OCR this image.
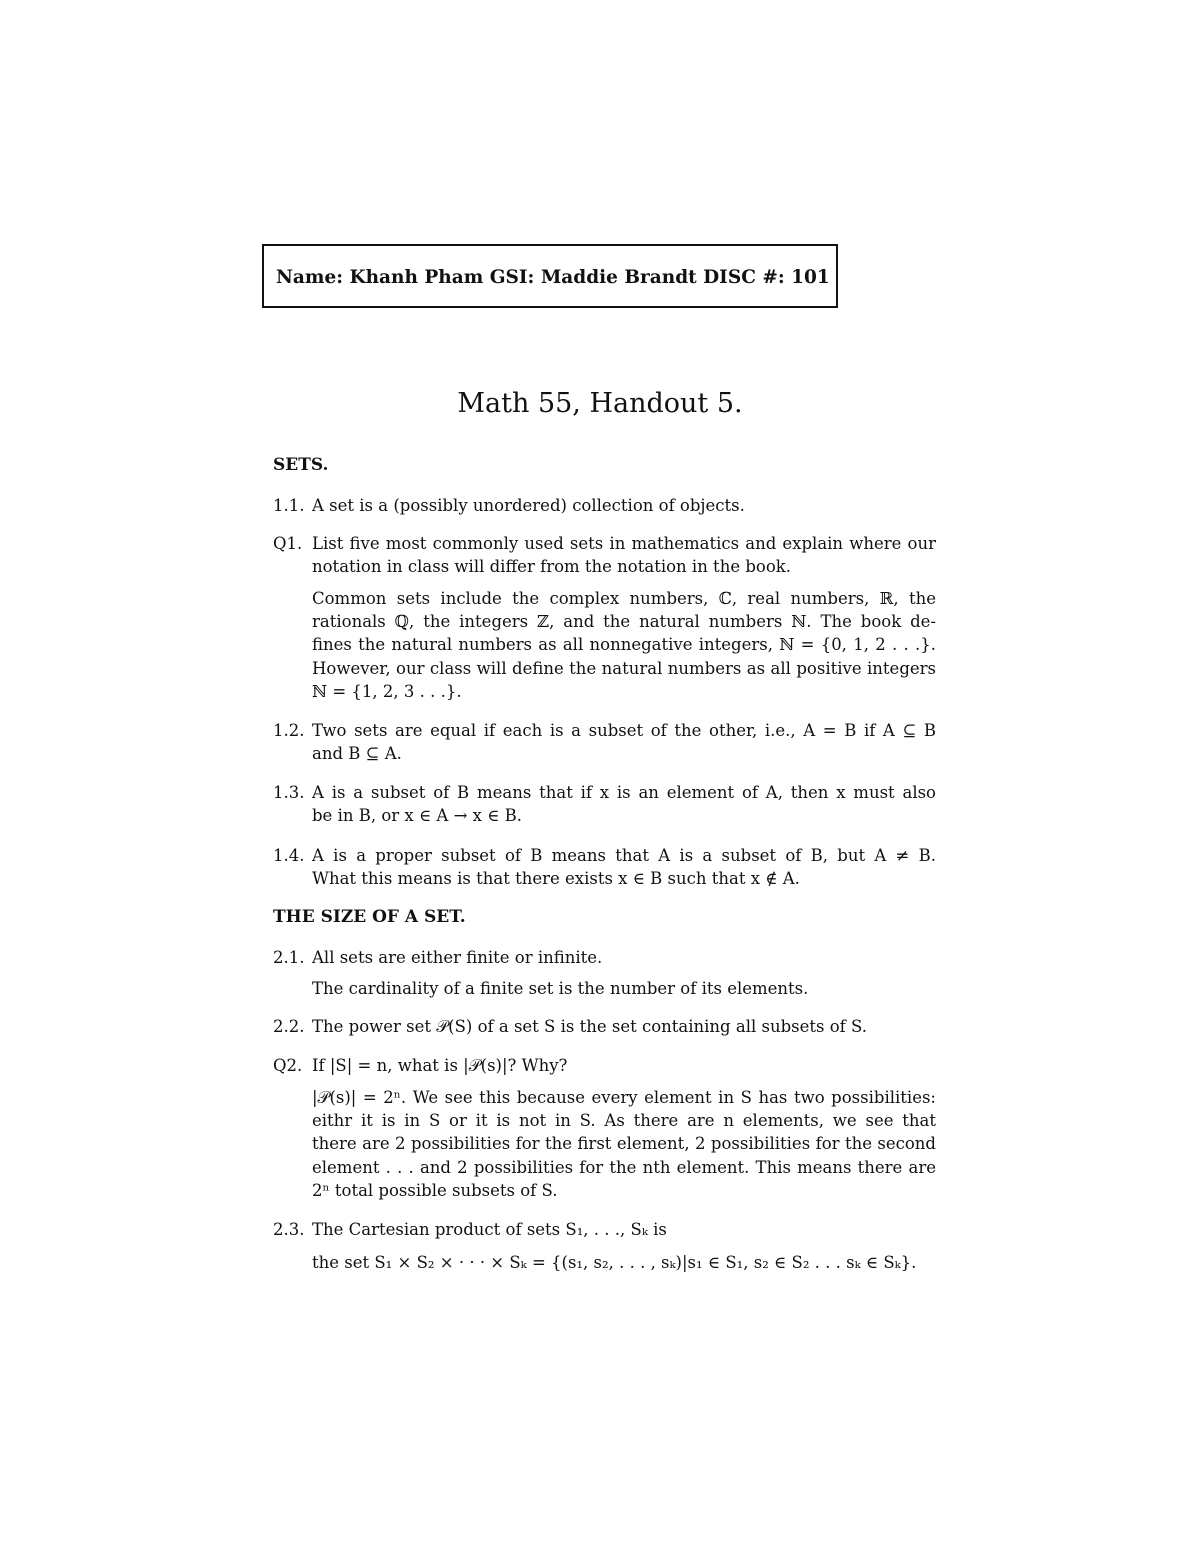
Name: Khanh Pham GSI: Maddie Brandt DISC #: 101
Math 55, Handout 5.
SETS.
1.1. A set is a (possibly unordered) collection of objects.
Q1. List five most commonly used sets in mathematics and explain where our
notation in class will differ from the notation in the book.
Common sets include the complex numbers, ℂ, real numbers, ℝ, the
rationals ℚ, the integers ℤ, and the natural numbers ℕ. The book de-
fines the natural numbers as all nonnegative integers, ℕ = {0, 1, 2 . . .}.
However, our class will define the natural numbers as all positive integers
ℕ = {1, 2, 3 . . .}.
1.2. Two sets are equal if each is a subset of the other, i.e., A = B if A ⊆ B
and B ⊆ A.
1.3. A is a subset of B means that if x is an element of A, then x must also
be in B, or x ∈ A → x ∈ B.
1.4. A is a proper subset of B means that A is a subset of B, but A ≠ B.
What this means is that there exists x ∈ B such that x ∉ A.
THE SIZE OF A SET.
2.1. All sets are either finite or infinite.
The cardinality of a finite set is the number of its elements.
2.2. The power set 𝒫(S) of a set S is the set containing all subsets of S.
Q2. If |S| = n, what is |𝒫(s)|? Why?
|𝒫(s)| = 2ⁿ. We see this because every element in S has two possibilities:
eithr it is in S or it is not in S. As there are n elements, we see that
there are 2 possibilities for the first element, 2 possibilities for the second
element . . . and 2 possibilities for the nth element. This means there are
2ⁿ total possible subsets of S.
2.3. The Cartesian product of sets S₁, . . ., Sₖ is
the set S₁ × S₂ × · · · × Sₖ = {(s₁, s₂, . . . , sₖ)|s₁ ∈ S₁, s₂ ∈ S₂ . . . sₖ ∈ Sₖ}.
